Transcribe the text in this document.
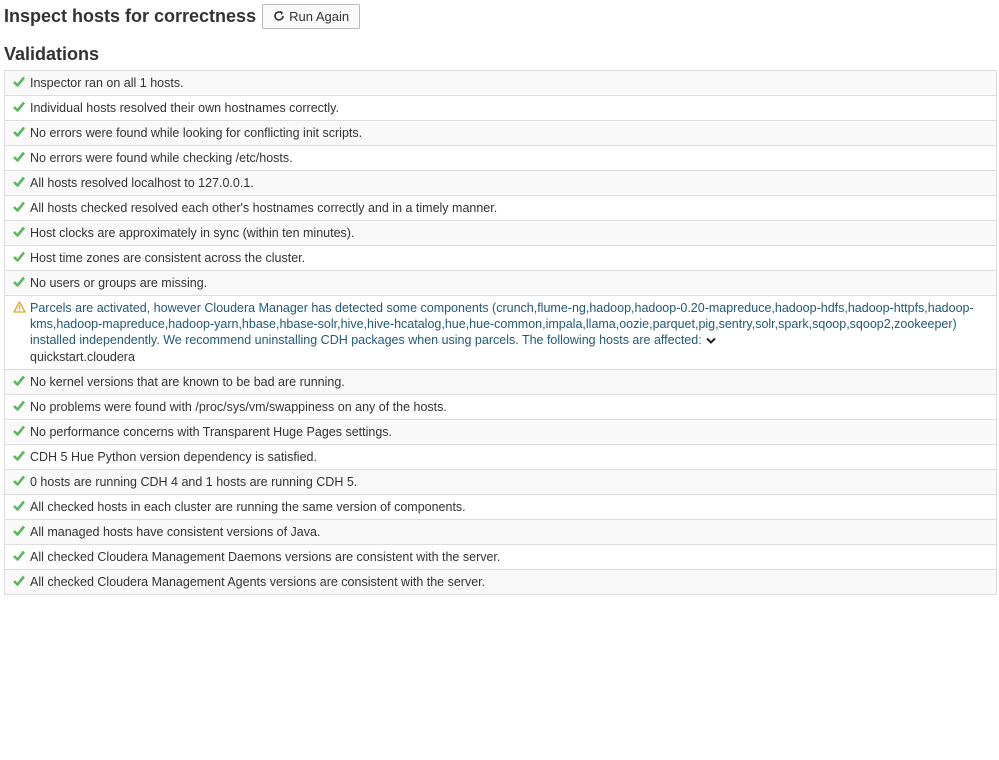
Inspect hosts for correctness	Run Again
Validations
Inspector ran on all 1 hosts.
Individual hosts resolved their own hostnames correctly.
No errors were found while looking for conflicting init scripts.
No errors were found while checking /etc/hosts.
All hosts resolved localhost to 127.0.0.1.
All hosts checked resolved each other's hostnames correctly and in a timely manner.
Host clocks are approximately in sync (within ten minutes).
Host time zones are consistent across the cluster.
No users or groups are missing.
Parcels are activated, however Cloudera Manager has detected some components (crunch,flume-ng,hadoop,hadoop-0.20-mapreduce,hadoop-hdfs,hadoop-httpfs,hadoop-kms,hadoop-mapreduce,hadoop-yarn,hbase,hbase-solr,hive,hive-hcatalog,hue,hue-common,impala,llama,oozie,parquet,pig,sentry,solr,spark,sqoop,sqoop2,zookeeper) installed independently. We recommend uninstalling CDH packages when using parcels. The following hosts are affected:
quickstart.cloudera
No kernel versions that are known to be bad are running.
No problems were found with /proc/sys/vm/swappiness on any of the hosts.
No performance concerns with Transparent Huge Pages settings.
CDH 5 Hue Python version dependency is satisfied.
0 hosts are running CDH 4 and 1 hosts are running CDH 5.
All checked hosts in each cluster are running the same version of components.
All managed hosts have consistent versions of Java.
All checked Cloudera Management Daemons versions are consistent with the server.
All checked Cloudera Management Agents versions are consistent with the server.
